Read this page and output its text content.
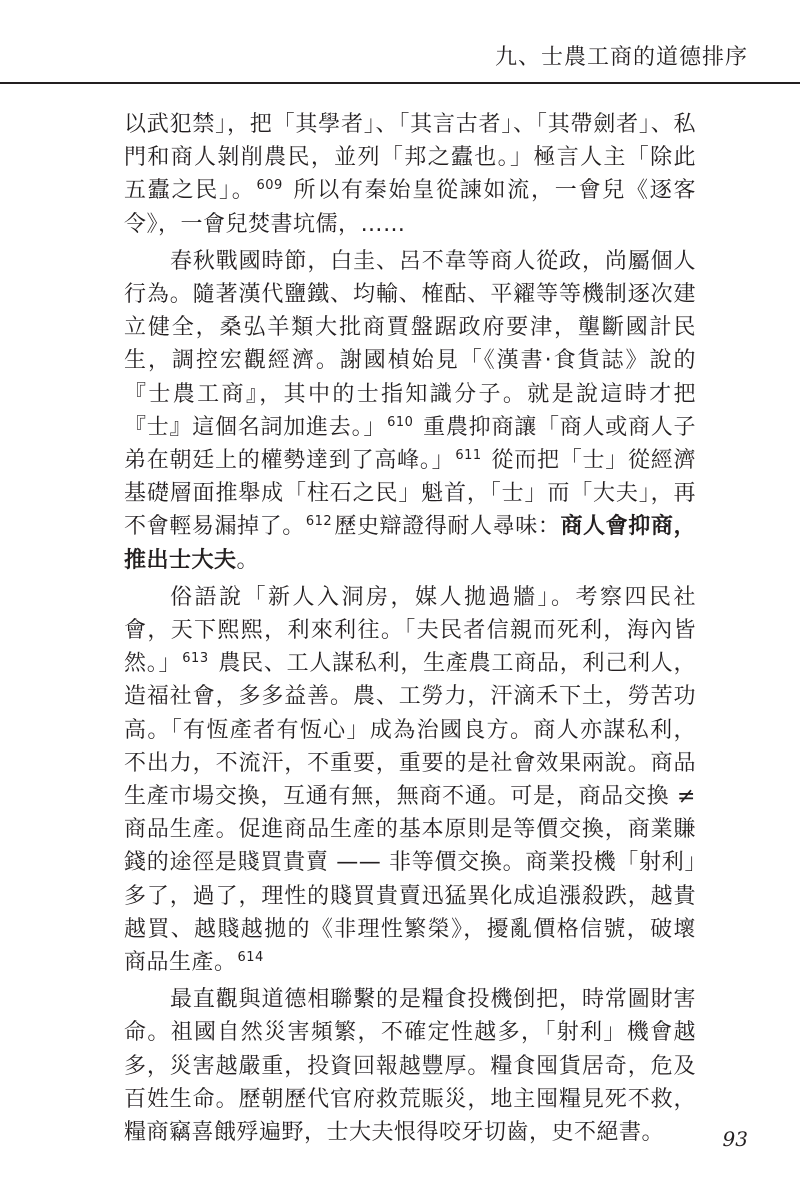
九、士農工商的道德排序

以武犯禁」，把「其學者」、「其言古者」、「其帶劍者」、私門和商人剝削農民，並列「邦之蠹也。」極言人主「除此五蠹之民」。$^{609}$ 所以有秦始皇從諫如流，一會兒《逐客令》，一會兒焚書坑儒，……

春秋戰國時節，白圭、呂不韋等商人從政，尚屬個人行為。隨著漢代鹽鐵、均輸、榷酤、平糴等等機制逐次建立健全，桑弘羊類大批商賈盤踞政府要津，壟斷國計民生，調控宏觀經濟。謝國楨始見「《漢書·食貨誌》說的『士農工商』，其中的士指知識分子。就是說這時才把『士』這個名詞加進去。」$^{610}$ 重農抑商讓「商人或商人子弟在朝廷上的權勢達到了高峰。」$^{611}$ 從而把「士」從經濟基礎層面推舉成「柱石之民」魁首，「士」而「大夫」，再不會輕易漏掉了。$^{612}$歷史辯證得耐人尋味：商人會抑商，推出士大夫。

俗語說「新人入洞房，媒人拋過牆」。考察四民社會，天下熙熙，利來利往。「夫民者信親而死利，海內皆然。」$^{613}$ 農民、工人謀私利，生產農工商品，利己利人，造福社會，多多益善。農、工勞力，汗滴禾下土，勞苦功高。「有恆產者有恆心」成為治國良方。商人亦謀私利，不出力，不流汗，不重要，重要的是社會效果兩說。商品生產市場交換，互通有無，無商不通。可是，商品交換 ≠ 商品生產。促進商品生產的基本原則是等價交換，商業賺錢的途徑是賤買貴賣 —— 非等價交換。商業投機「射利」多了，過了，理性的賤買貴賣迅猛異化成追漲殺跌，越貴越買、越賤越拋的《非理性繁榮》，擾亂價格信號，破壞商品生產。$^{614}$

最直觀與道德相聯繫的是糧食投機倒把，時常圖財害命。祖國自然災害頻繁，不確定性越多，「射利」機會越多，災害越嚴重，投資回報越豐厚。糧食囤貨居奇，危及百姓生命。歷朝歷代官府救荒賑災，地主囤糧見死不救，糧商竊喜餓殍遍野，士大夫恨得咬牙切齒，史不絕書。	93
